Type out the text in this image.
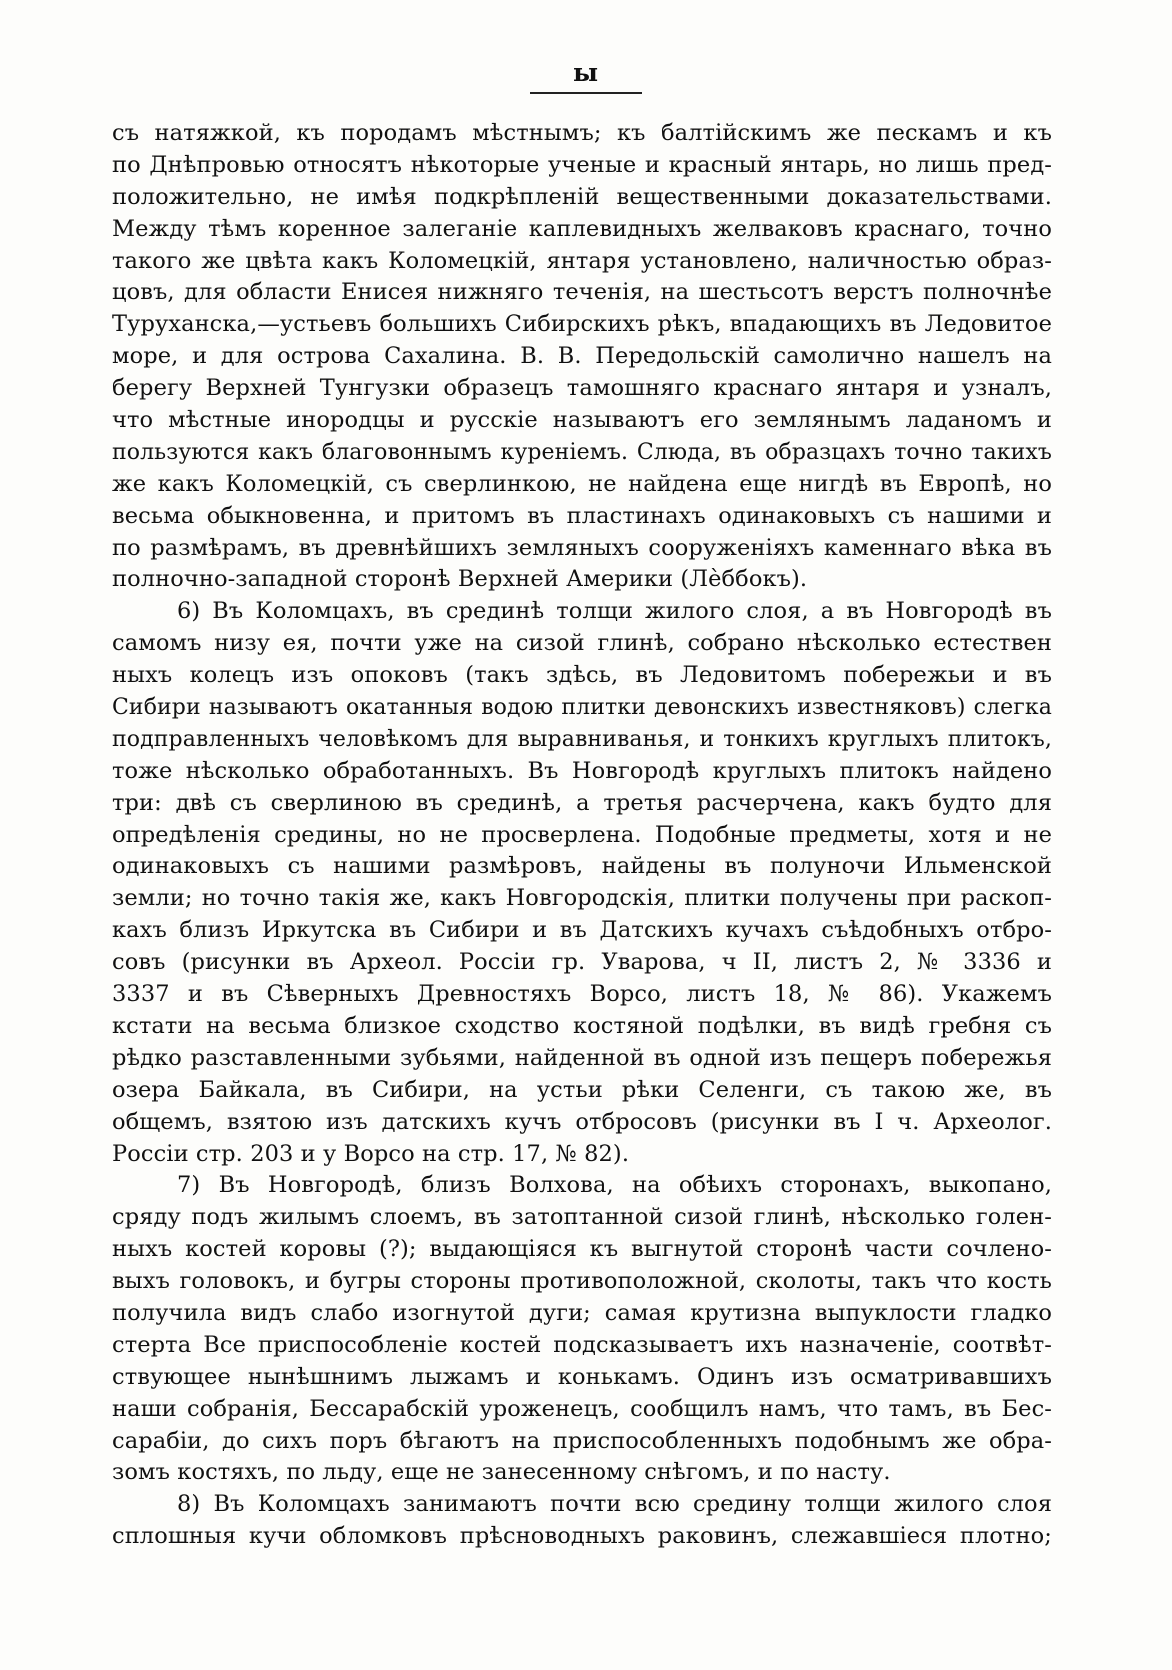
ы
съ натяжкой, къ породамъ мѣстнымъ; къ балтійскимъ же пескамъ и къ
по Днѣпровью относятъ нѣкоторые ученые и красный янтарь, но лишь пред-
положительно, не имѣя подкрѣпленій вещественными доказательствами.
Между тѣмъ коренное залеганіе каплевидныхъ желваковъ краснаго, точно
такого же цвѣта какъ Коломецкій, янтаря установлено, наличностью образ-
цовъ, для области Енисея нижняго теченія, на шестьсотъ верстъ полночнѣе
Туруханска,—устьевъ большихъ Сибирскихъ рѣкъ, впадающихъ въ Ледовитое
море, и для острова Сахалина. В. В. Передольскій самолично нашелъ на
берегу Верхней Тунгузки образецъ тамошняго краснаго янтаря и узналъ,
что мѣстные инородцы и русскіе называютъ его землянымъ ладаномъ и
пользуются какъ благовоннымъ куреніемъ. Слюда, въ образцахъ точно такихъ
же какъ Коломецкій, съ сверлинкою, не найдена еще нигдѣ въ Европѣ, но
весьма обыкновенна, и притомъ въ пластинахъ одинаковыхъ съ нашими и
по размѣрамъ, въ древнѣйшихъ земляныхъ сооруженіяхъ каменнаго вѣка въ
полночно-западной сторонѣ Верхней Америки (Лѐббокъ).
6) Въ Коломцахъ, въ срединѣ толщи жилого слоя, а въ Новгородѣ въ
самомъ низу ея, почти уже на сизой глинѣ, собрано нѣсколько естествен
ныхъ колецъ изъ опоковъ (такъ здѣсь, въ Ледовитомъ побережьи и въ
Сибири называютъ окатанныя водою плитки девонскихъ известняковъ) слегка
подправленныхъ человѣкомъ для выравниванья, и тонкихъ круглыхъ плитокъ,
тоже нѣсколько обработанныхъ. Въ Новгородѣ круглыхъ плитокъ найдено
три: двѣ съ сверлиною въ срединѣ, а третья расчерчена, какъ будто для
опредѣленія средины, но не просверлена. Подобные предметы, хотя и не
одинаковыхъ съ нашими размѣровъ, найдены въ полуночи Ильменской
земли; но точно такія же, какъ Новгородскія, плитки получены при раскоп-
кахъ близъ Иркутска въ Сибири и въ Датскихъ кучахъ съѣдобныхъ отбро-
совъ (рисунки въ Археол. Россіи гр. Уварова, ч II, листъ 2, № 3336 и
3337 и въ Сѣверныхъ Древностяхъ Ворсо, листъ 18, № 86). Укажемъ
кстати на весьма близкое сходство костяной подѣлки, въ видѣ гребня съ
рѣдко разставленными зубьями, найденной въ одной изъ пещеръ побережья
озера Байкала, въ Сибири, на устьи рѣки Селенги, съ такою же, въ
общемъ, взятою изъ датскихъ кучъ отбросовъ (рисунки въ I ч. Археолог.
Россіи стр. 203 и у Ворсо на стр. 17, № 82).
7) Въ Новгородѣ, близъ Волхова, на обѣихъ сторонахъ, выкопано,
сряду подъ жилымъ слоемъ, въ затоптанной сизой глинѣ, нѣсколько голен-
ныхъ костей коровы (?); выдающіяся къ выгнутой сторонѣ части сочлено-
выхъ головокъ, и бугры стороны противоположной, сколоты, такъ что кость
получила видъ слабо изогнутой дуги; самая крутизна выпуклости гладко
стерта Все приспособленіе костей подсказываетъ ихъ назначеніе, соотвѣт-
ствующее нынѣшнимъ лыжамъ и конькамъ. Одинъ изъ осматривавшихъ
наши собранія, Бессарабскій уроженецъ, сообщилъ намъ, что тамъ, въ Бес-
сарабіи, до сихъ поръ бѣгаютъ на приспособленныхъ подобнымъ же обра-
зомъ костяхъ, по льду, еще не занесенному снѣгомъ, и по насту.
8) Въ Коломцахъ занимаютъ почти всю средину толщи жилого слоя
сплошныя кучи обломковъ прѣсноводныхъ раковинъ, слежавшіеся плотно;
